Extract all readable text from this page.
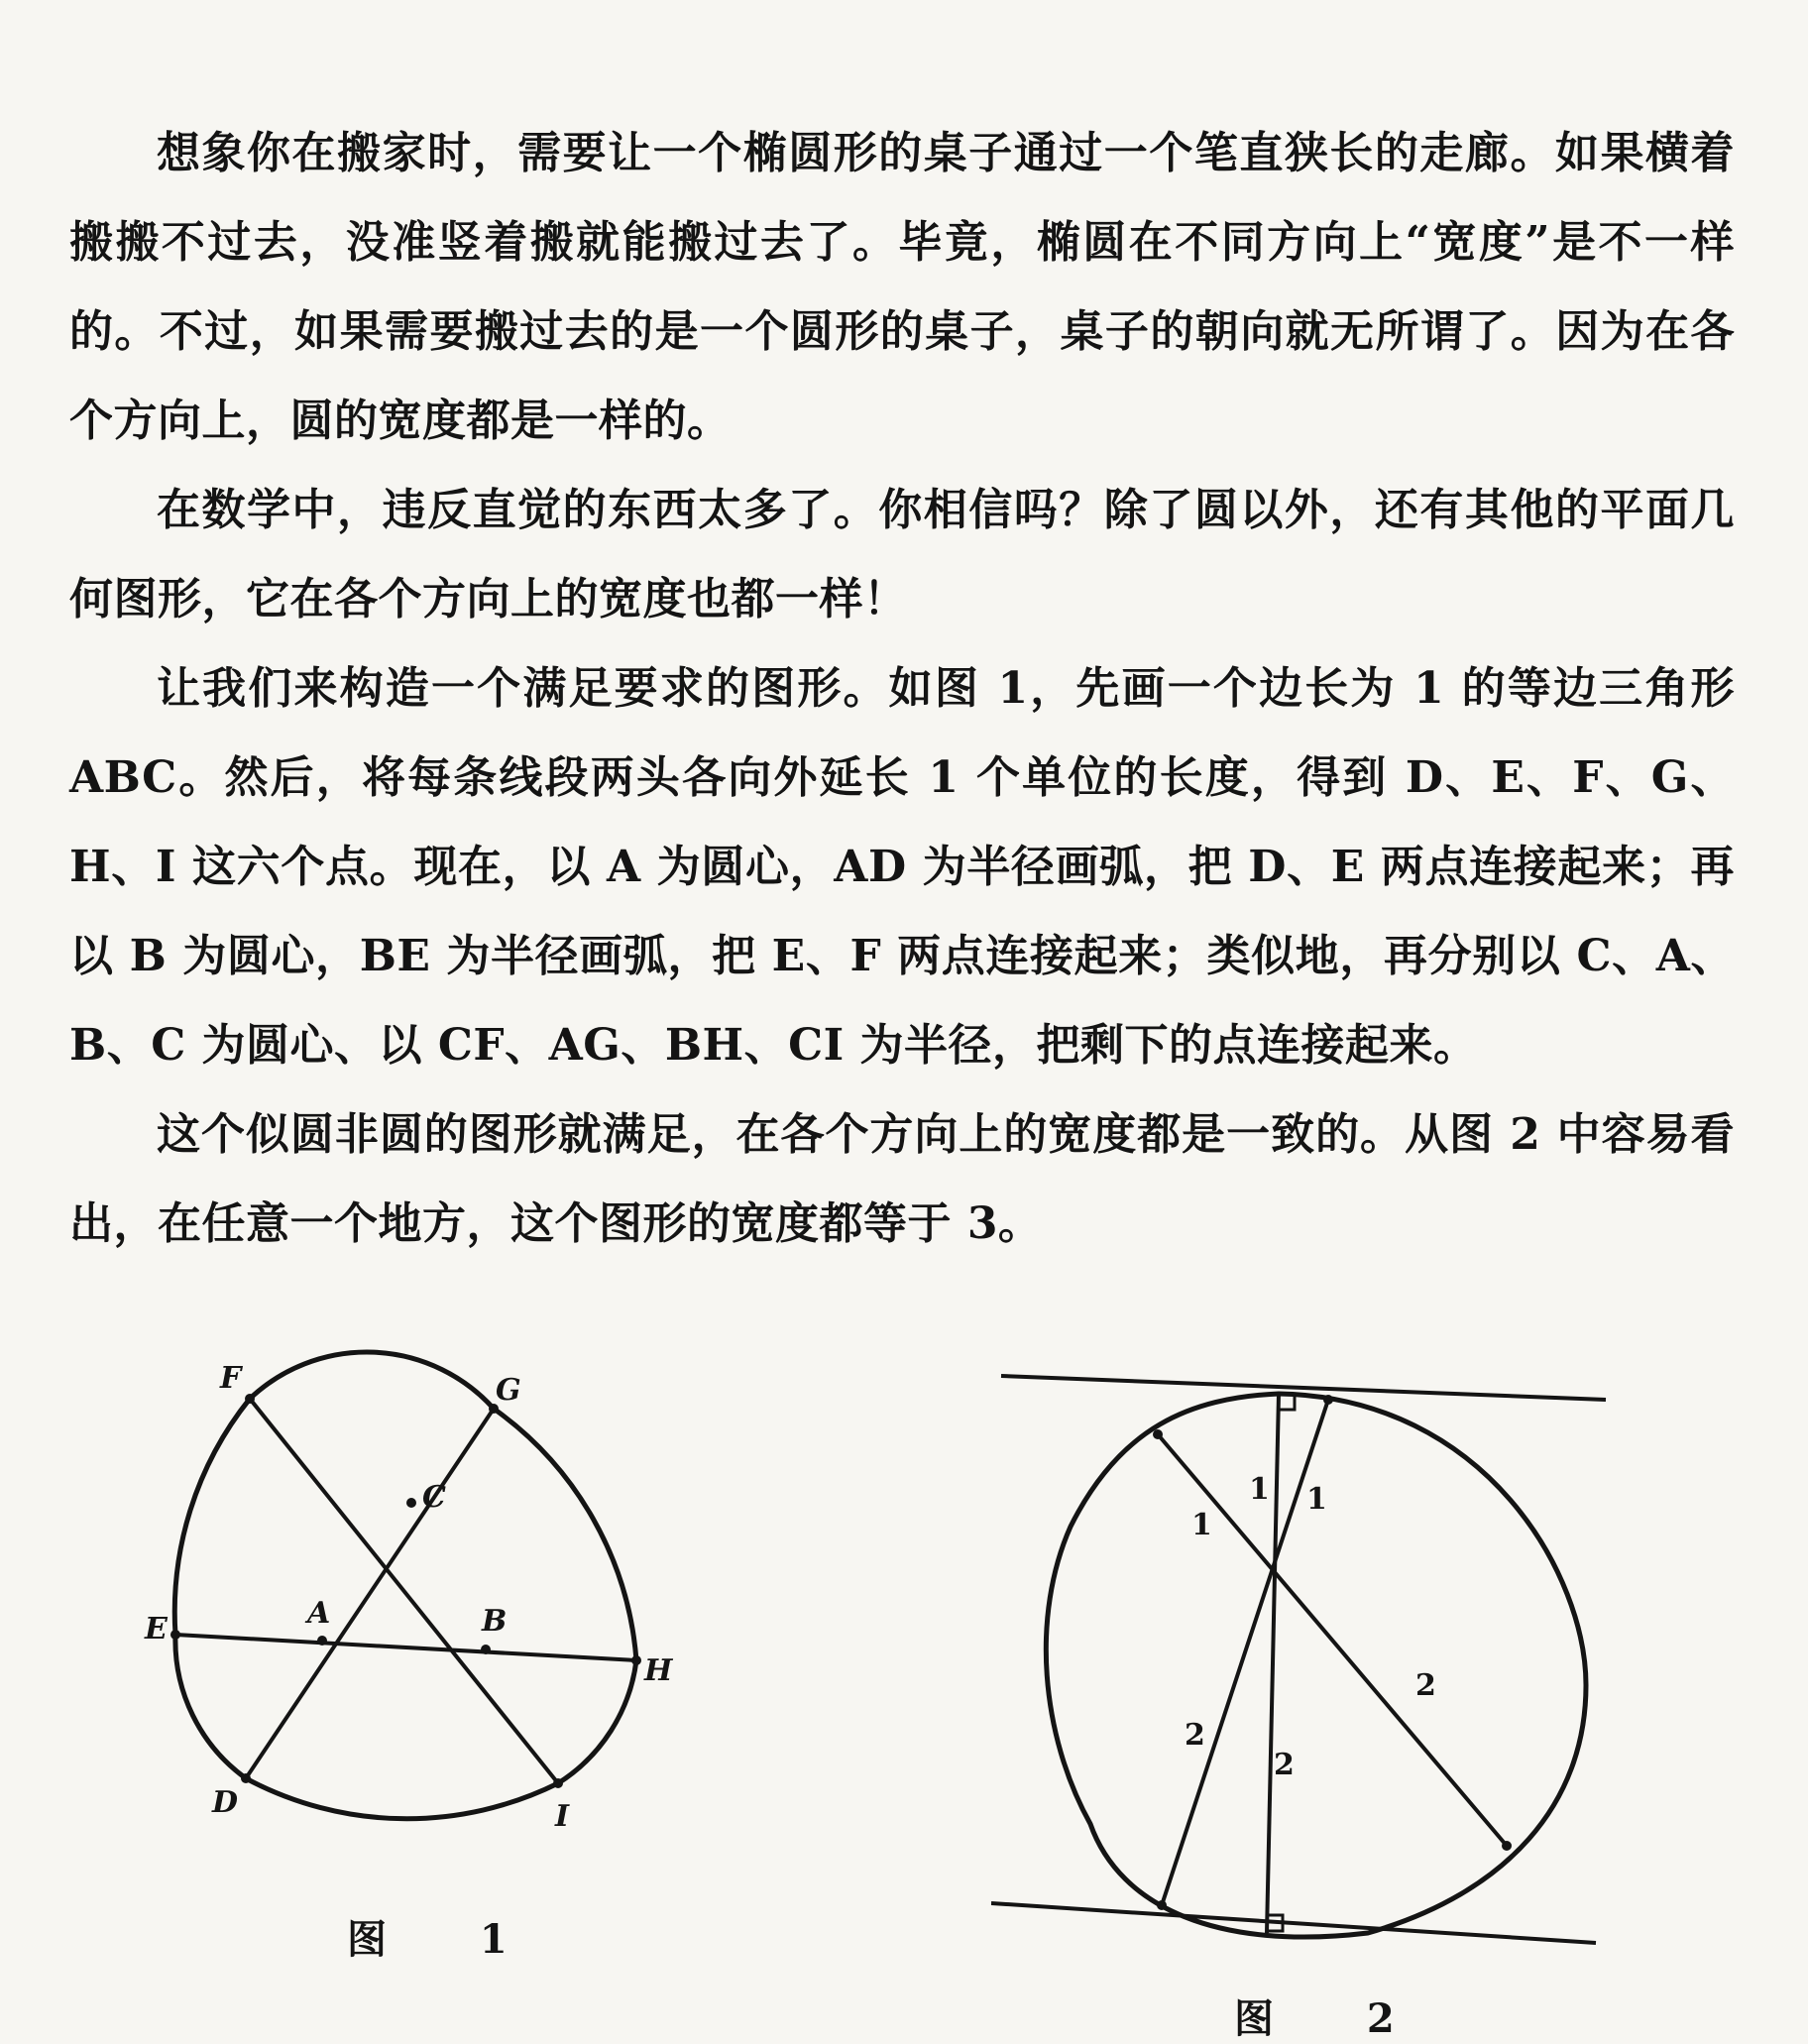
想象你在搬家时，需要让一个椭圆形的桌子通过一个笔直狭长的走廊。如果横着搬搬不过去，没准竖着搬就能搬过去了。毕竟，椭圆在不同方向上“宽度”是不一样的。不过，如果需要搬过去的是一个圆形的桌子，桌子的朝向就无所谓了。因为在各个方向上，圆的宽度都是一样的。

在数学中，违反直觉的东西太多了。你相信吗？除了圆以外，还有其他的平面几何图形，它在各个方向上的宽度也都一样！

让我们来构造一个满足要求的图形。如图 1，先画一个边长为 1 的等边三角形 ABC。然后，将每条线段两头各向外延长 1 个单位的长度，得到 D、E、F、G、H、I 这六个点。现在，以 A 为圆心，AD 为半径画弧，把 D、E 两点连接起来；再以 B 为圆心，BE 为半径画弧，把 E、F 两点连接起来；类似地，再分别以 C、A、B、C 为圆心、以 CF、AG、BH、CI 为半径，把剩下的点连接起来。

这个似圆非圆的图形就满足，在各个方向上的宽度都是一致的。从图 2 中容易看出，在任意一个地方，这个图形的宽度都等于 3。

F	G
C
E	A	B
H
D	I
图 1
1 1
1
2
2
2
图 2
